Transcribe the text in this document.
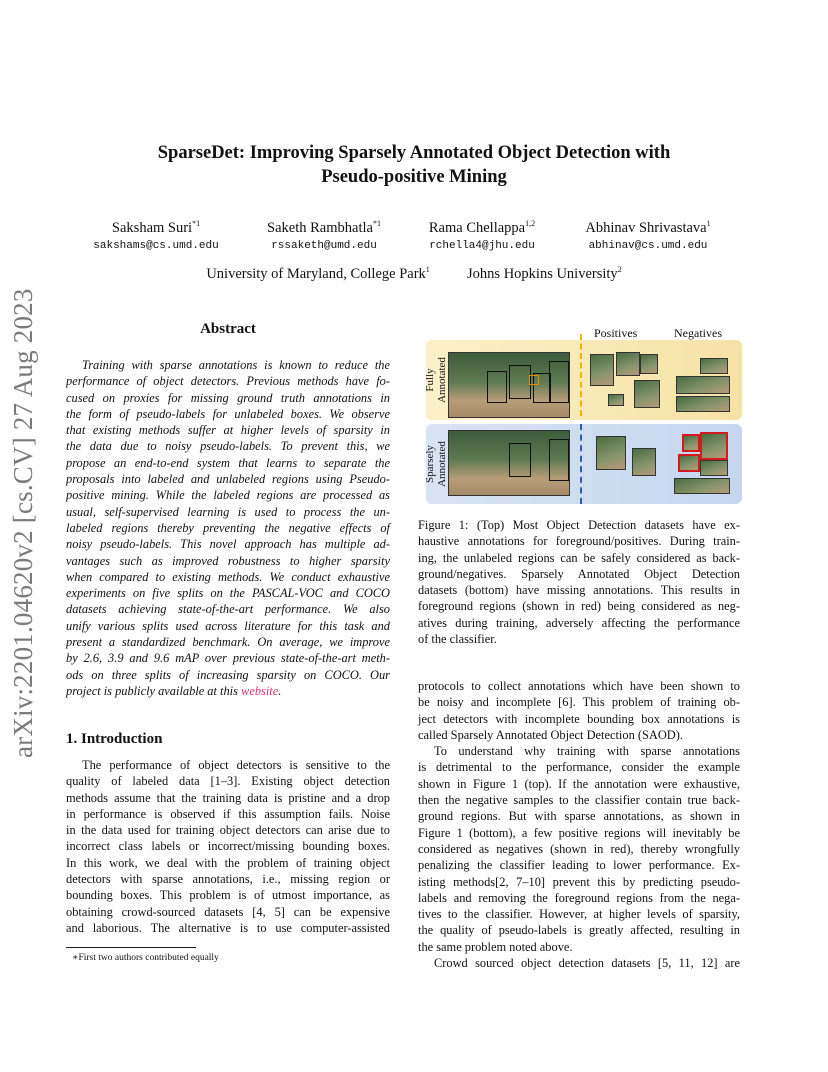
arXiv:2201.04620v2 [cs.CV] 27 Aug 2023
SparseDet: Improving Sparsely Annotated Object Detection with
Pseudo-positive Mining
Saksham Suri$^{*1}$
sakshams@cs.umd.edu
Saketh Rambhatla$^{*1}$
rssaketh@umd.edu
Rama Chellappa$^{1,2}$
rchella4@jhu.edu
Abhinav Shrivastava$^1$
abhinav@cs.umd.edu
University of Maryland, College Park$^1$	Johns Hopkins University$^2$
Abstract
Training with sparse annotations is known to reduce the
performance of object detectors. Previous methods have fo-
cused on proxies for missing ground truth annotations in
the form of pseudo-labels for unlabeled boxes. We observe
that existing methods suffer at higher levels of sparsity in
the data due to noisy pseudo-labels. To prevent this, we
propose an end-to-end system that learns to separate the
proposals into labeled and unlabeled regions using Pseudo-
positive mining. While the labeled regions are processed as
usual, self-supervised learning is used to process the un-
labeled regions thereby preventing the negative effects of
noisy pseudo-labels. This novel approach has multiple ad-
vantages such as improved robustness to higher sparsity
when compared to existing methods. We conduct exhaustive
experiments on five splits on the PASCAL-VOC and COCO
datasets achieving state-of-the-art performance. We also
unify various splits used across literature for this task and
present a standardized benchmark. On average, we improve
by 2.6, 3.9 and 9.6 mAP over previous state-of-the-art meth-
ods on three splits of increasing sparsity on COCO. Our
project is publicly available at this website.
1. Introduction
The performance of object detectors is sensitive to the
quality of labeled data [1–3]. Existing object detection
methods assume that the training data is pristine and a drop
in performance is observed if this assumption fails. Noise
in the data used for training object detectors can arise due to
incorrect class labels or incorrect/missing bounding boxes.
In this work, we deal with the problem of training object
detectors with sparse annotations, i.e., missing region or
bounding boxes. This problem is of utmost importance, as
obtaining crowd-sourced datasets [4, 5] can be expensive
and laborious. The alternative is to use computer-assisted
∗First two authors contributed equally
Positives	Negatives
Fully Annotated
Sparsely Annotated
Figure 1: (Top) Most Object Detection datasets have ex-
haustive annotations for foreground/positives. During train-
ing, the unlabeled regions can be safely considered as back-
ground/negatives. Sparsely Annotated Object Detection
datasets (bottom) have missing annotations. This results in
foreground regions (shown in red) being considered as neg-
atives during training, adversely affecting the performance
of the classifier.
protocols to collect annotations which have been shown to
be noisy and incomplete [6]. This problem of training ob-
ject detectors with incomplete bounding box annotations is
called Sparsely Annotated Object Detection (SAOD).
To understand why training with sparse annotations
is detrimental to the performance, consider the example
shown in Figure 1 (top). If the annotation were exhaustive,
then the negative samples to the classifier contain true back-
ground regions. But with sparse annotations, as shown in
Figure 1 (bottom), a few positive regions will inevitably be
considered as negatives (shown in red), thereby wrongfully
penalizing the classifier leading to lower performance. Ex-
isting methods[2, 7–10] prevent this by predicting pseudo-
labels and removing the foreground regions from the nega-
tives to the classifier. However, at higher levels of sparsity,
the quality of pseudo-labels is greatly affected, resulting in
the same problem noted above.
Crowd sourced object detection datasets [5, 11, 12] are
